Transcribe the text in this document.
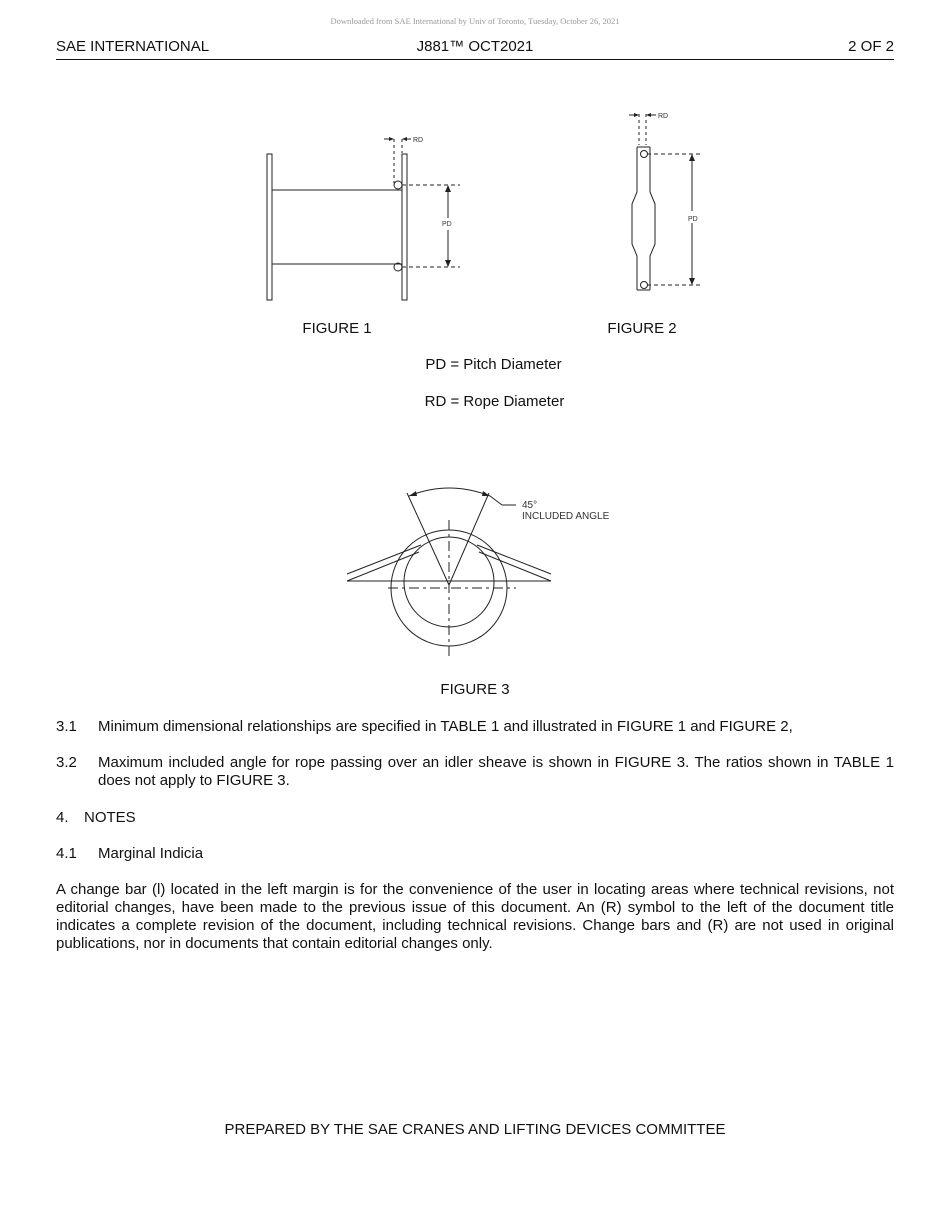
Downloaded from SAE International by Univ of Toronto, Tuesday, October 26, 2021
SAE INTERNATIONAL	J881™ OCT2021	2 OF 2
RD
PD
RD
PD
FIGURE 1	FIGURE 2
PD = Pitch Diameter
RD = Rope Diameter
45°
INCLUDED ANGLE
FIGURE 3
3.1	Minimum dimensional relationships are specified in TABLE 1 and illustrated in FIGURE 1 and FIGURE 2,
3.2	Maximum included angle for rope passing over an idler sheave is shown in FIGURE 3. The ratios shown in TABLE 1 does not apply to FIGURE 3.
4.	NOTES
4.1	Marginal Indicia
A change bar (l) located in the left margin is for the convenience of the user in locating areas where technical revisions, not editorial changes, have been made to the previous issue of this document. An (R) symbol to the left of the document title indicates a complete revision of the document, including technical revisions. Change bars and (R) are not used in original publications, nor in documents that contain editorial changes only.
PREPARED BY THE SAE CRANES AND LIFTING DEVICES COMMITTEE
